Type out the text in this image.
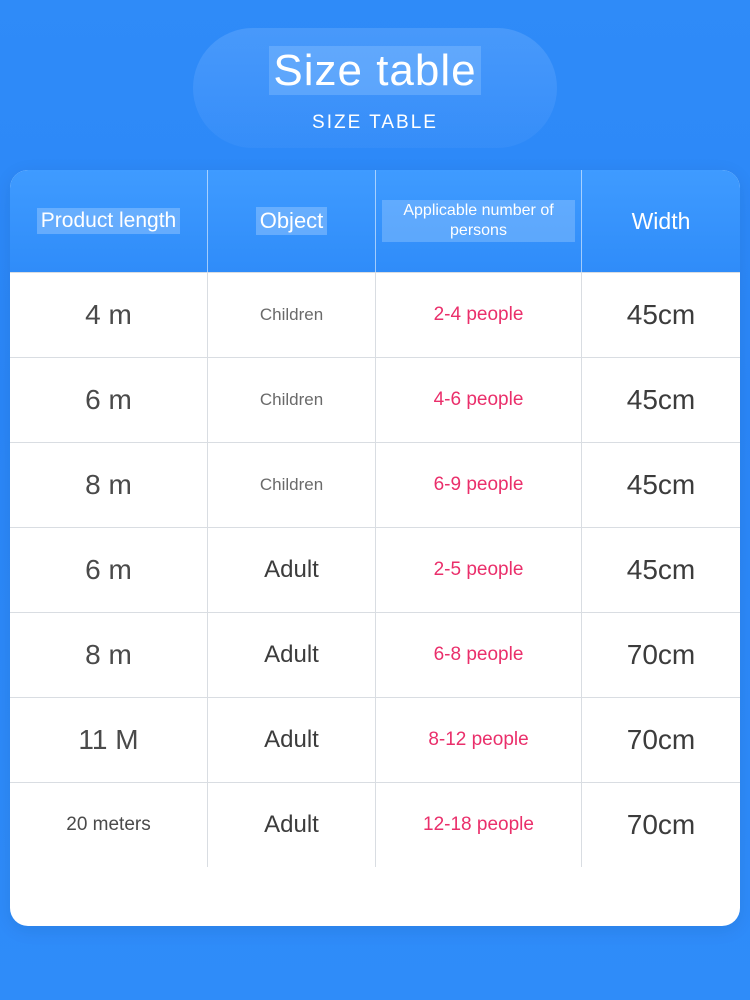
Size table
SIZE TABLE
Product length	Object	Applicable number of persons	Width
4 m	Children	2-4 people	45cm
6 m	Children	4-6 people	45cm
8 m	Children	6-9 people	45cm
6 m	Adult	2-5 people	45cm
8 m	Adult	6-8 people	70cm
11 M	Adult	8-12 people	70cm
20 meters	Adult	12-18 people	70cm
Note: The above dimensions are manual measurement, a little error, does not affect the use
